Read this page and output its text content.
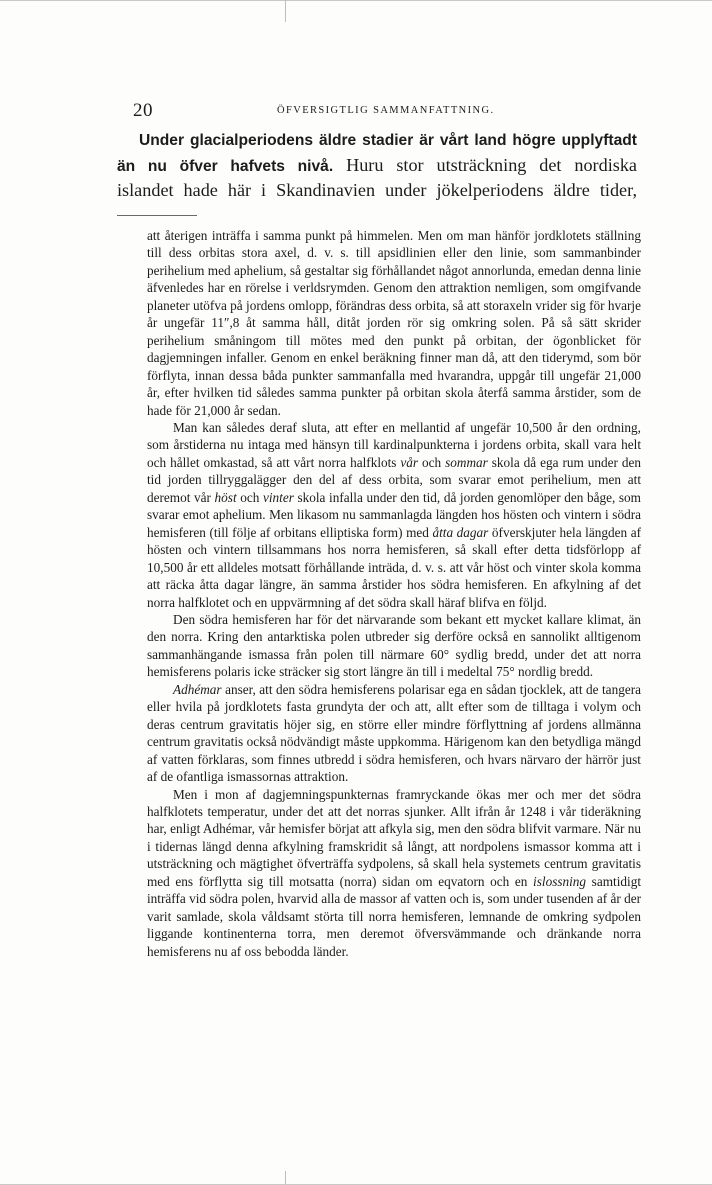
20	ÖFVERSIGTLIG SAMMANFATTNING.
Under glacialperiodens äldre stadier är vårt land högre upplyftadt
än nu öfver hafvets nivå. Huru stor utsträckning det nordiska
islandet hade här i Skandinavien under jökelperiodens äldre tider,

att återigen inträffa i samma punkt på himmelen. Men om man hänför jordklotets ställning till dess orbitas stora axel, d. v. s. till apsidlinien eller den linie, som sammanbinder perihelium med aphelium, så gestaltar sig förhållandet något annorlunda, emedan denna linie äfvenledes har en rörelse i verldsrymden. Genom den attraktion nemligen, som omgifvande planeter utöfva på jordens omlopp, förändras dess orbita, så att storaxeln vrider sig för hvarje år ungefär 11″,8 åt samma håll, ditåt jorden rör sig omkring solen. På så sätt skrider perihelium småningom till mötes med den punkt på orbitan, der ögonblicket för dagjemningen infaller. Genom en enkel beräkning finner man då, att den tiderymd, som bör förflyta, innan dessa båda punkter sammanfalla med hvarandra, uppgår till ungefär 21,000 år, efter hvilken tid således samma punkter på orbitan skola återfå samma årstider, som de hade för 21,000 år sedan.

Man kan således deraf sluta, att efter en mellantid af ungefär 10,500 år den ordning, som årstiderna nu intaga med hänsyn till kardinalpunkterna i jordens orbita, skall vara helt och hållet omkastad, så att vårt norra halfklots vår och sommar skola då ega rum under den tid jorden tillryggalägger den del af dess orbita, som svarar emot perihelium, men att deremot vår höst och vinter skola infalla under den tid, då jorden genomlöper den båge, som svarar emot aphelium. Men likasom nu sammanlagda längden hos hösten och vintern i södra hemisferen (till följe af orbitans elliptiska form) med åtta dagar öfverskjuter hela längden af hösten och vintern tillsammans hos norra hemisferen, så skall efter detta tidsförlopp af 10,500 år ett alldeles motsatt förhållande inträda, d. v. s. att vår höst och vinter skola komma att räcka åtta dagar längre, än samma årstider hos södra hemisferen. En afkylning af det norra halfklotet och en uppvärmning af det södra skall häraf blifva en följd.

Den södra hemisferen har för det närvarande som bekant ett mycket kallare klimat, än den norra. Kring den antarktiska polen utbreder sig derföre också en sannolikt alltigenom sammanhängande ismassa från polen till närmare 60° sydlig bredd, under det att norra hemisferens polaris icke sträcker sig stort längre än till i medeltal 75° nordlig bredd.

Adhémar anser, att den södra hemisferens polarisar ega en sådan tjocklek, att de tangera eller hvila på jordklotets fasta grundyta der och att, allt efter som de tilltaga i volym och deras centrum gravitatis höjer sig, en större eller mindre förflyttning af jordens allmänna centrum gravitatis också nödvändigt måste uppkomma. Härigenom kan den betydliga mängd af vatten förklaras, som finnes utbredd i södra hemisferen, och hvars närvaro der härrör just af de ofantliga ismassornas attraktion.

Men i mon af dagjemningspunkternas framryckande ökas mer och mer det södra halfklotets temperatur, under det att det norras sjunker. Allt ifrån år 1248 i vår tideräkning har, enligt Adhémar, vår hemisfer börjat att afkyla sig, men den södra blifvit varmare. När nu i tidernas längd denna afkylning framskridit så långt, att nordpolens ismassor komma att i utsträckning och mägtighet öfverträffa sydpolens, så skall hela systemets centrum gravitatis med ens förflytta sig till motsatta (norra) sidan om eqvatorn och en islossning samtidigt inträffa vid södra polen, hvarvid alla de massor af vatten och is, som under tusenden af år der varit samlade, skola våldsamt störta till norra hemisferen, lemnande de omkring sydpolen liggande kontinenterna torra, men deremot öfversvämmande och dränkande norra hemisferens nu af oss bebodda länder.
